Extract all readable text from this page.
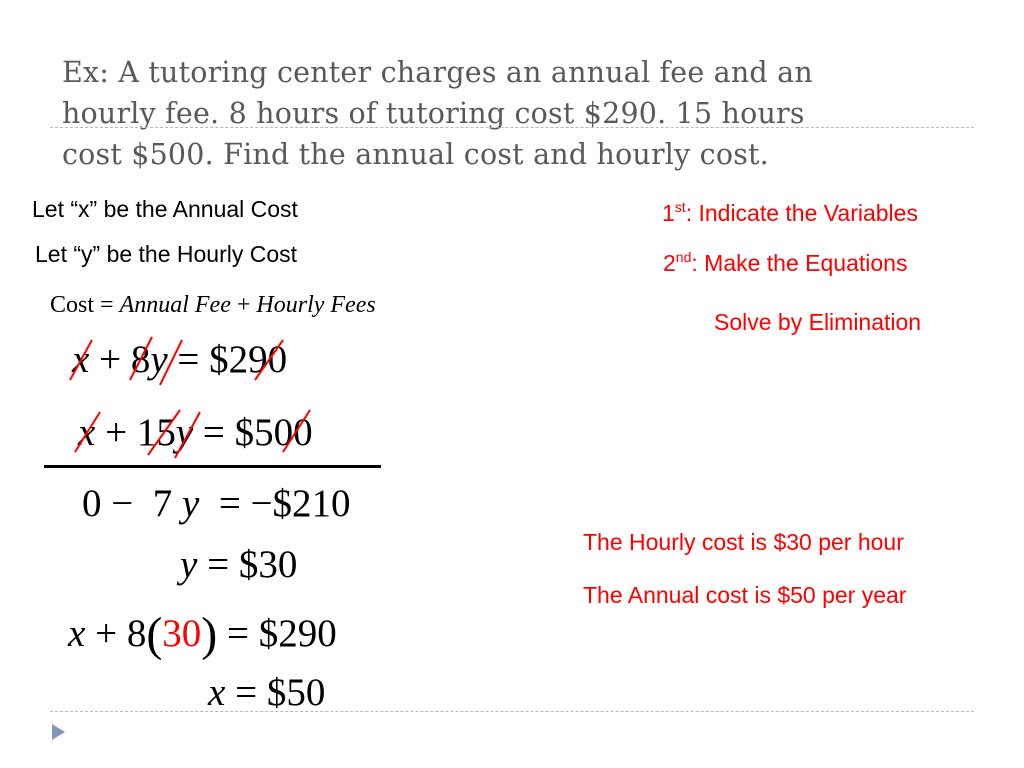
Ex: A tutoring center charges an annual fee and an
hourly fee. 8 hours of tutoring cost $290. 15 hours
cost $500. Find the annual cost and hourly cost.
Let “x” be the Annual Cost
Let “y” be the Hourly Cost
Cost = Annual Fee + Hourly Fees
x + 8y = $290
x + 15y = $500
0 − 7 y = −$210
y = $30
x + 8(30) = $290
x = $50
1st: Indicate the Variables
2nd: Make the Equations
Solve by Elimination
The Hourly cost is $30 per hour
The Annual cost is $50 per year
